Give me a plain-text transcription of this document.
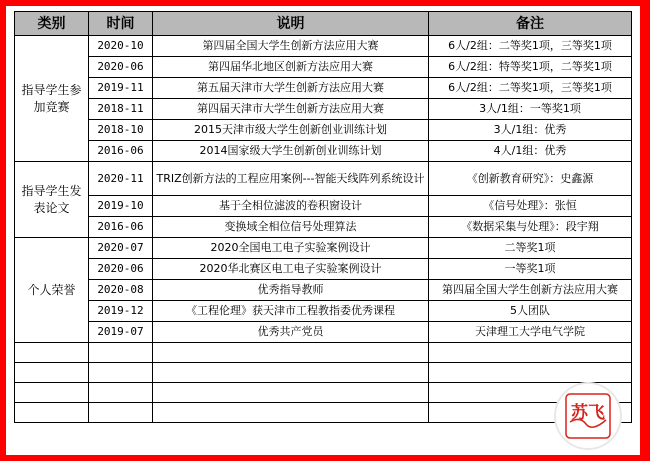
类别	时间	说明	备注
指导学生参加竞赛	2020-10	第四届全国大学生创新方法应用大赛	6人/2组：二等奖1项，三等奖1项
	2020-06	第四届华北地区创新方法应用大赛	6人/2组：特等奖1项，二等奖1项
	2019-11	第五届天津市大学生创新方法应用大赛	6人/2组：二等奖1项，三等奖1项
	2018-11	第四届天津市大学生创新方法应用大赛	3人/1组：一等奖1项
	2018-10	2015天津市级大学生创新创业训练计划	3人/1组：优秀
	2016-06	2014国家级大学生创新创业训练计划	4人/1组：优秀
指导学生发表论文	2020-11	TRIZ创新方法的工程应用案例---智能天线阵列系统设计	《创新教育研究》：史鑫源
	2019-10	基于全相位滤波的卷积窗设计	《信号处理》：张恒
	2016-06	变换域全相位信号处理算法	《数据采集与处理》：段宇翔
个人荣誉	2020-07	2020全国电工电子实验案例设计	二等奖1项
	2020-06	2020华北赛区电工电子实验案例设计	一等奖1项
	2020-08	优秀指导教师	第四届全国大学生创新方法应用大赛
	2019-12	《工程伦理》获天津市工程教指委优秀课程	5人团队
	2019-07	优秀共产党员	天津理工大学电气学院

苏飞
